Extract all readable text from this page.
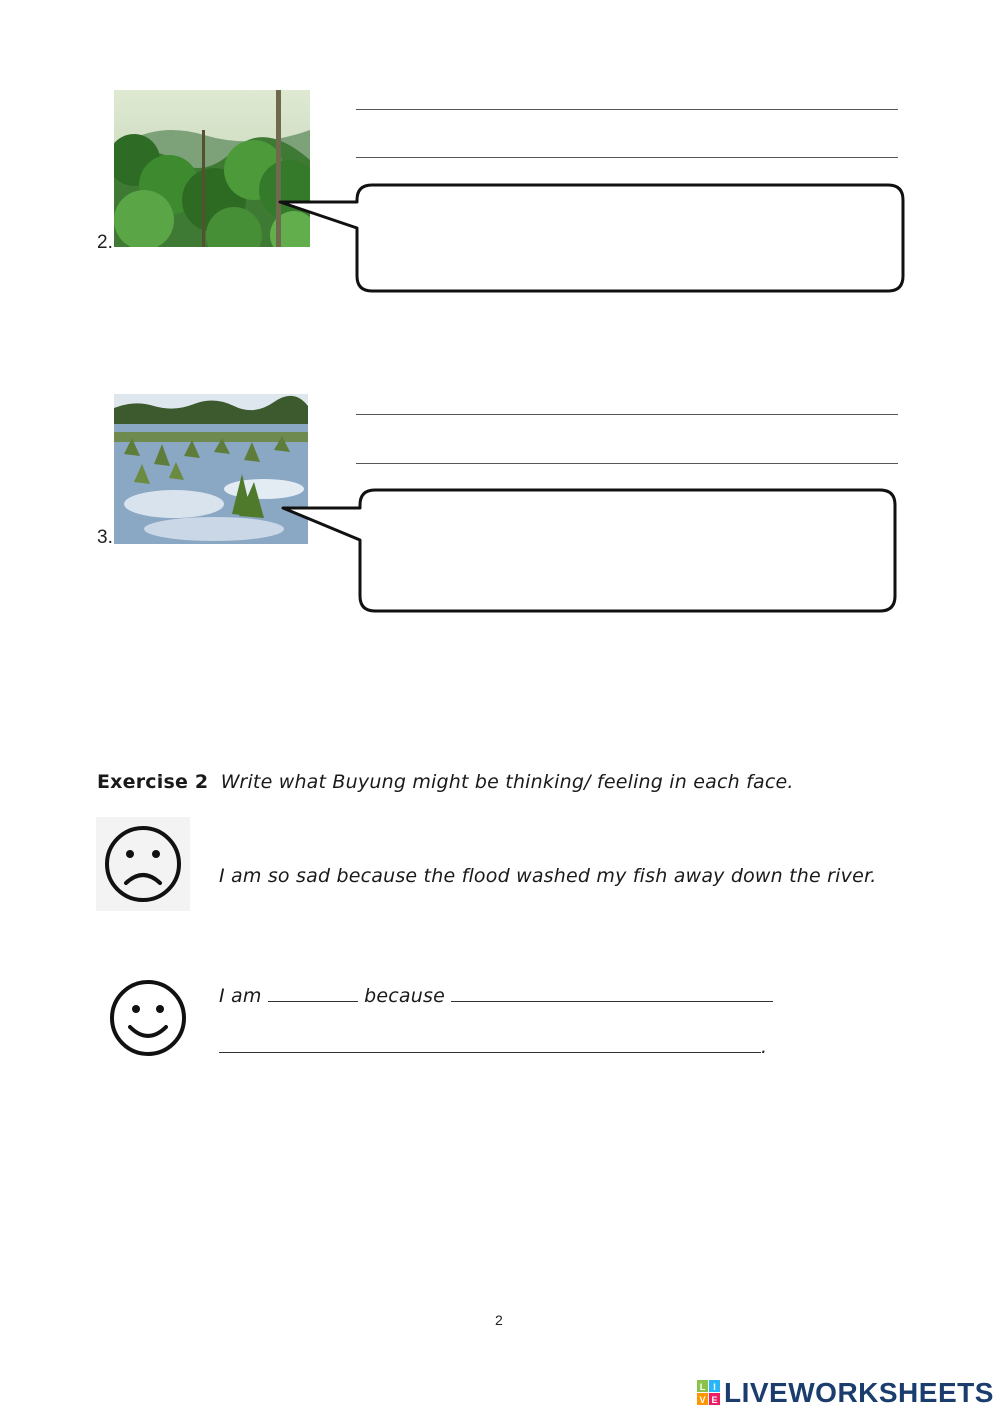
2.
3.
Exercise 2 Write what Buyung might be thinking/ feeling in each face.
I am so sad because the flood washed my fish away down the river.
I am	because
.
2
L I
V E LIVEWORKSHEETS
